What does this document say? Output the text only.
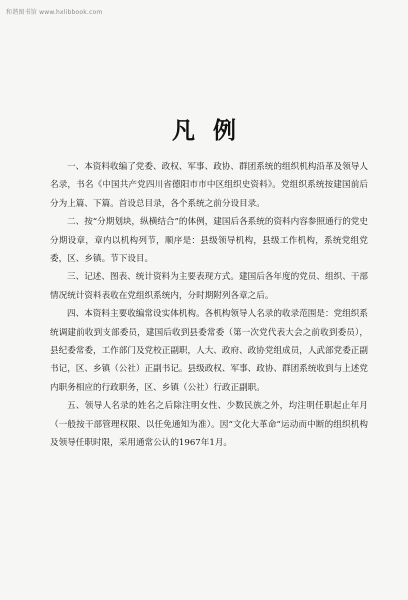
和谐图书馆 www.hxlibbook.com
凡例

一、本资料收编了党委、政权、军事、政协、群团系统的组织机构沿革及领导人名录，书名《中国共产党四川省德阳市市中区组织史资料》。党组织系统按建国前后分为上篇、下篇。首设总目录，各个系统之前分设目录。

二、按“分期划块，纵横结合”的体例，建国后各系统的资料内容参照通行的党史分期设章，章内以机构列节，顺序是：县级领导机构，县级工作机构，系统党组党委，区、乡镇。节下设目。

三、记述、图表、统计资料为主要表现方式。建国后各年度的党员、组织、干部情况统计资料表收在党组织系统内，分时期附列各章之后。

四、本资料主要收编常设实体机构。各机构领导人名录的收录范围是：党组织系统调建前收到支部委员，建国后收到县委常委（第一次党代表大会之前收到委员），县纪委常委，工作部门及党校正副职，人大、政府、政协党组成员，人武部党委正副书记，区、乡镇（公社）正副书记。县级政权、军事、政协、群团系统收到与上述党内职务相应的行政职务，区、乡镇（公社）行政正副职。

五、领导人名录的姓名之后除注明女性、少数民族之外，均注明任职起止年月（一般按干部管理权限、以任免通知为准）。因“文化大革命”运动而中断的组织机构及领导任职时限，采用通常公认的1967年1月。
